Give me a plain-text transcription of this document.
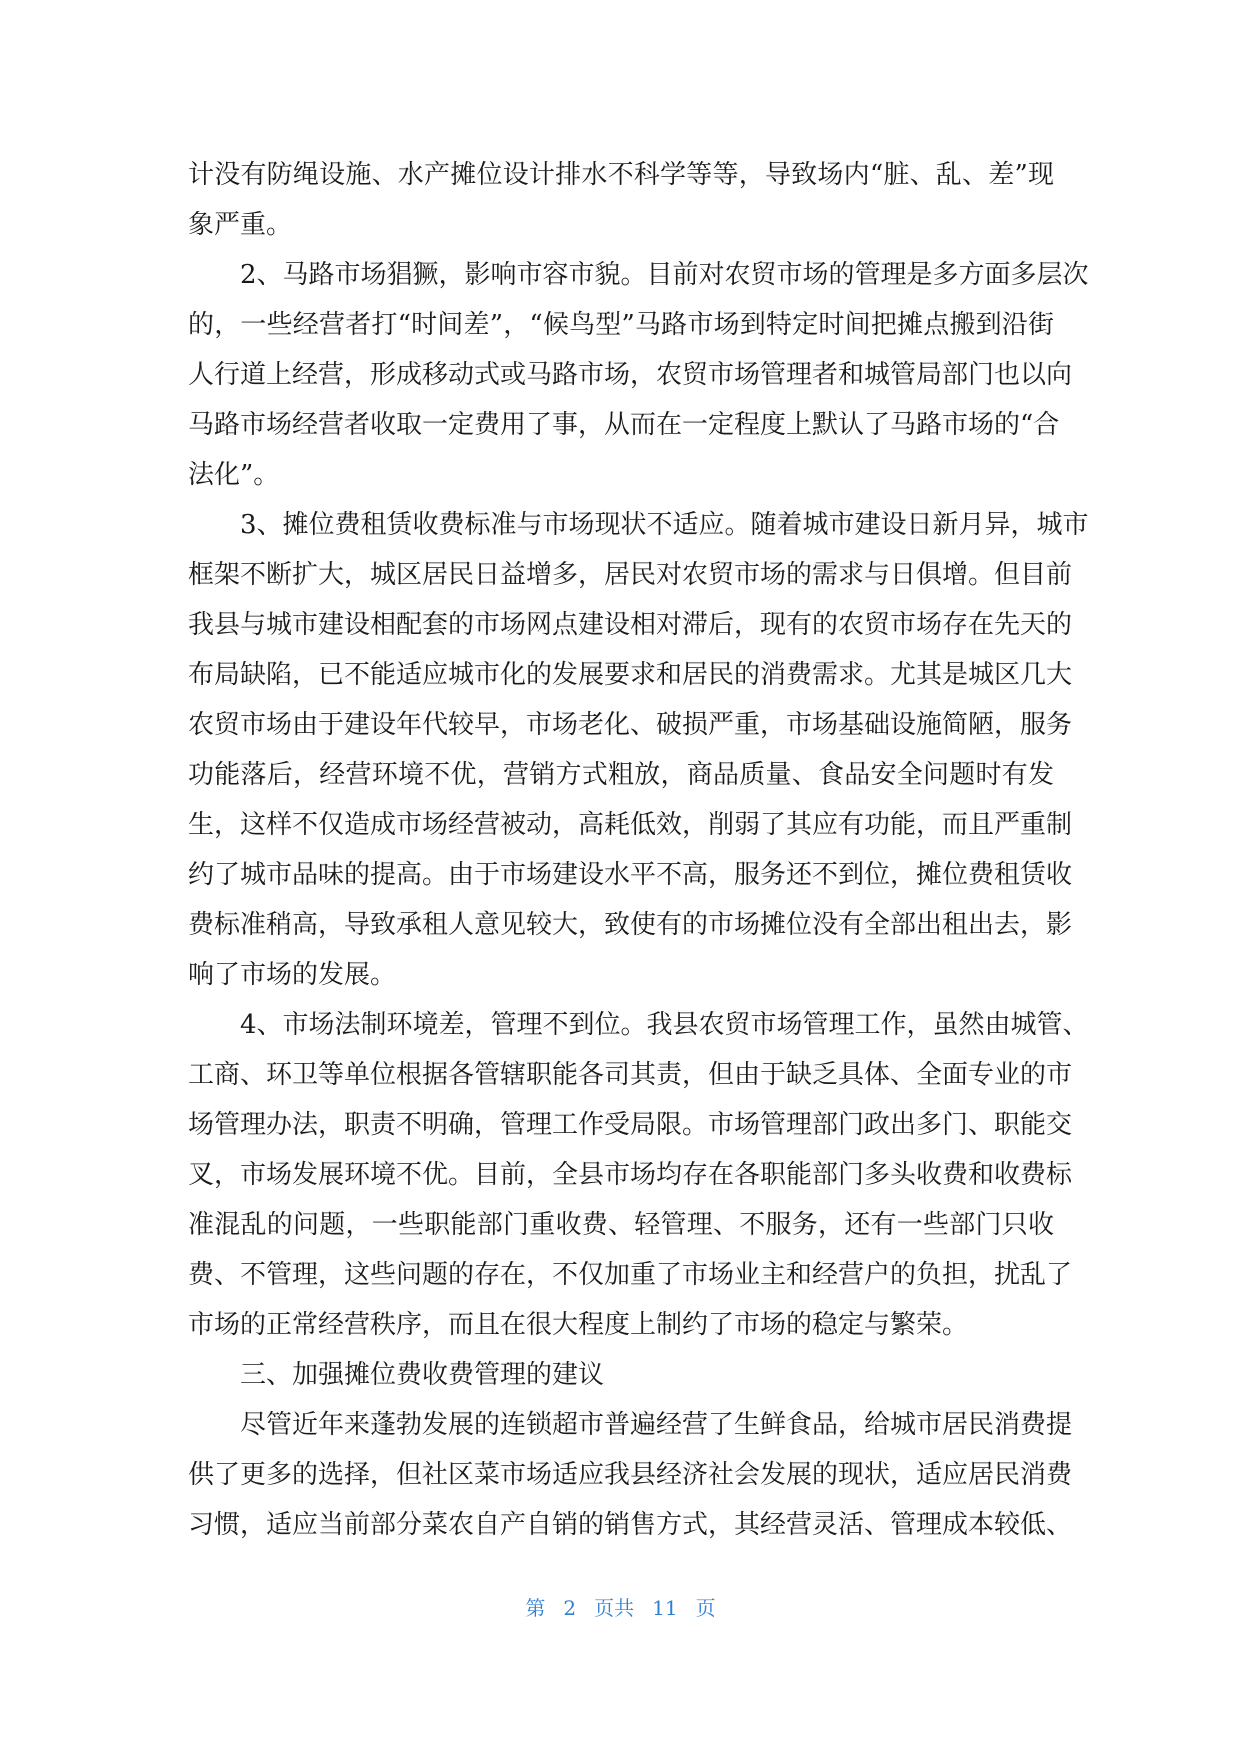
计没有防绳设施、水产摊位设计排水不科学等等，导致场内“脏、乱、差”现
象严重。
　　2、马路市场猖獗，影响市容市貌。目前对农贸市场的管理是多方面多层次
的，一些经营者打“时间差”，“候鸟型”马路市场到特定时间把摊点搬到沿街
人行道上经营，形成移动式或马路市场，农贸市场管理者和城管局部门也以向
马路市场经营者收取一定费用了事，从而在一定程度上默认了马路市场的“合
法化”。
　　3、摊位费租赁收费标准与市场现状不适应。随着城市建设日新月异，城市
框架不断扩大，城区居民日益增多，居民对农贸市场的需求与日俱增。但目前
我县与城市建设相配套的市场网点建设相对滞后，现有的农贸市场存在先天的
布局缺陷，已不能适应城市化的发展要求和居民的消费需求。尤其是城区几大
农贸市场由于建设年代较早，市场老化、破损严重，市场基础设施简陋，服务
功能落后，经营环境不优，营销方式粗放，商品质量、食品安全问题时有发
生，这样不仅造成市场经营被动，高耗低效，削弱了其应有功能，而且严重制
约了城市品味的提高。由于市场建设水平不高，服务还不到位，摊位费租赁收
费标准稍高，导致承租人意见较大，致使有的市场摊位没有全部出租出去，影
响了市场的发展。
　　4、市场法制环境差，管理不到位。我县农贸市场管理工作，虽然由城管、
工商、环卫等单位根据各管辖职能各司其责，但由于缺乏具体、全面专业的市
场管理办法，职责不明确，管理工作受局限。市场管理部门政出多门、职能交
叉，市场发展环境不优。目前，全县市场均存在各职能部门多头收费和收费标
准混乱的问题，一些职能部门重收费、轻管理、不服务，还有一些部门只收
费、不管理，这些问题的存在，不仅加重了市场业主和经营户的负担，扰乱了
市场的正常经营秩序，而且在很大程度上制约了市场的稳定与繁荣。
　　三、加强摊位费收费管理的建议
　　尽管近年来蓬勃发展的连锁超市普遍经营了生鲜食品，给城市居民消费提
供了更多的选择，但社区菜市场适应我县经济社会发展的现状，适应居民消费
习惯，适应当前部分菜农自产自销的销售方式，其经营灵活、管理成本较低、
第 2 页共 11 页
